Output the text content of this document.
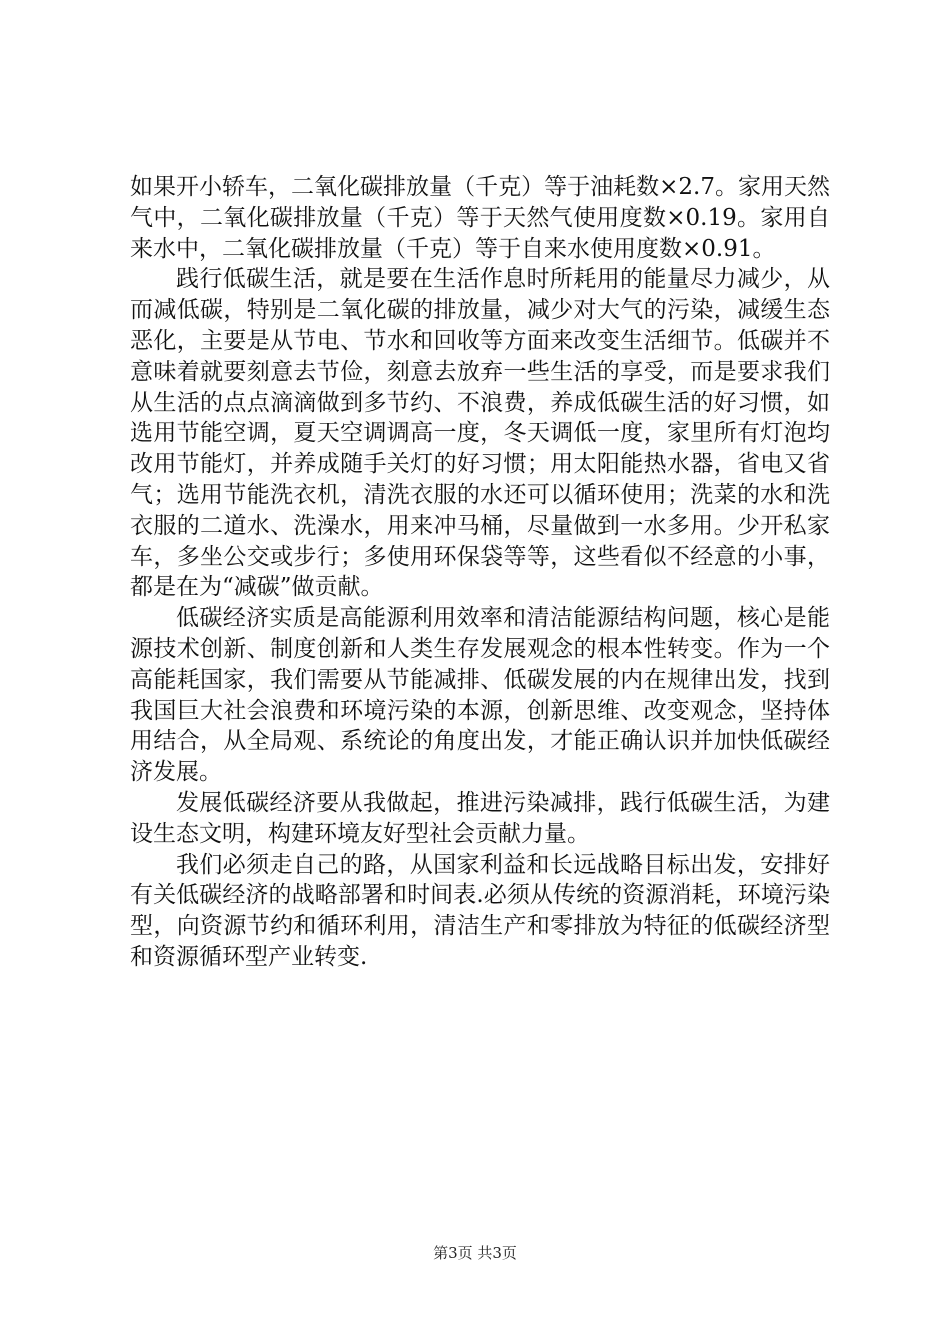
如果开小轿车，二氧化碳排放量（千克）等于油耗数×2.7。家用天然气中，二氧化碳排放量（千克）等于天然气使用度数×0.19。家用自来水中，二氧化碳排放量（千克）等于自来水使用度数×0.91。

践行低碳生活，就是要在生活作息时所耗用的能量尽力减少，从而减低碳，特别是二氧化碳的排放量，减少对大气的污染，减缓生态恶化，主要是从节电、节水和回收等方面来改变生活细节。低碳并不意味着就要刻意去节俭，刻意去放弃一些生活的享受，而是要求我们从生活的点点滴滴做到多节约、不浪费，养成低碳生活的好习惯，如选用节能空调，夏天空调调高一度，冬天调低一度，家里所有灯泡均改用节能灯，并养成随手关灯的好习惯；用太阳能热水器，省电又省气；选用节能洗衣机，清洗衣服的水还可以循环使用；洗菜的水和洗衣服的二道水、洗澡水，用来冲马桶，尽量做到一水多用。少开私家车，多坐公交或步行；多使用环保袋等等，这些看似不经意的小事，都是在为“减碳”做贡献。

低碳经济实质是高能源利用效率和清洁能源结构问题，核心是能源技术创新、制度创新和人类生存发展观念的根本性转变。作为一个高能耗国家，我们需要从节能减排、低碳发展的内在规律出发，找到我国巨大社会浪费和环境污染的本源，创新思维、改变观念，坚持体用结合，从全局观、系统论的角度出发，才能正确认识并加快低碳经济发展。

发展低碳经济要从我做起，推进污染减排，践行低碳生活，为建设生态文明，构建环境友好型社会贡献力量。

我们必须走自己的路，从国家利益和长远战略目标出发，安排好有关低碳经济的战略部署和时间表.必须从传统的资源消耗，环境污染型，向资源节约和循环利用，清洁生产和零排放为特征的低碳经济型和资源循环型产业转变.

第3页 共3页
